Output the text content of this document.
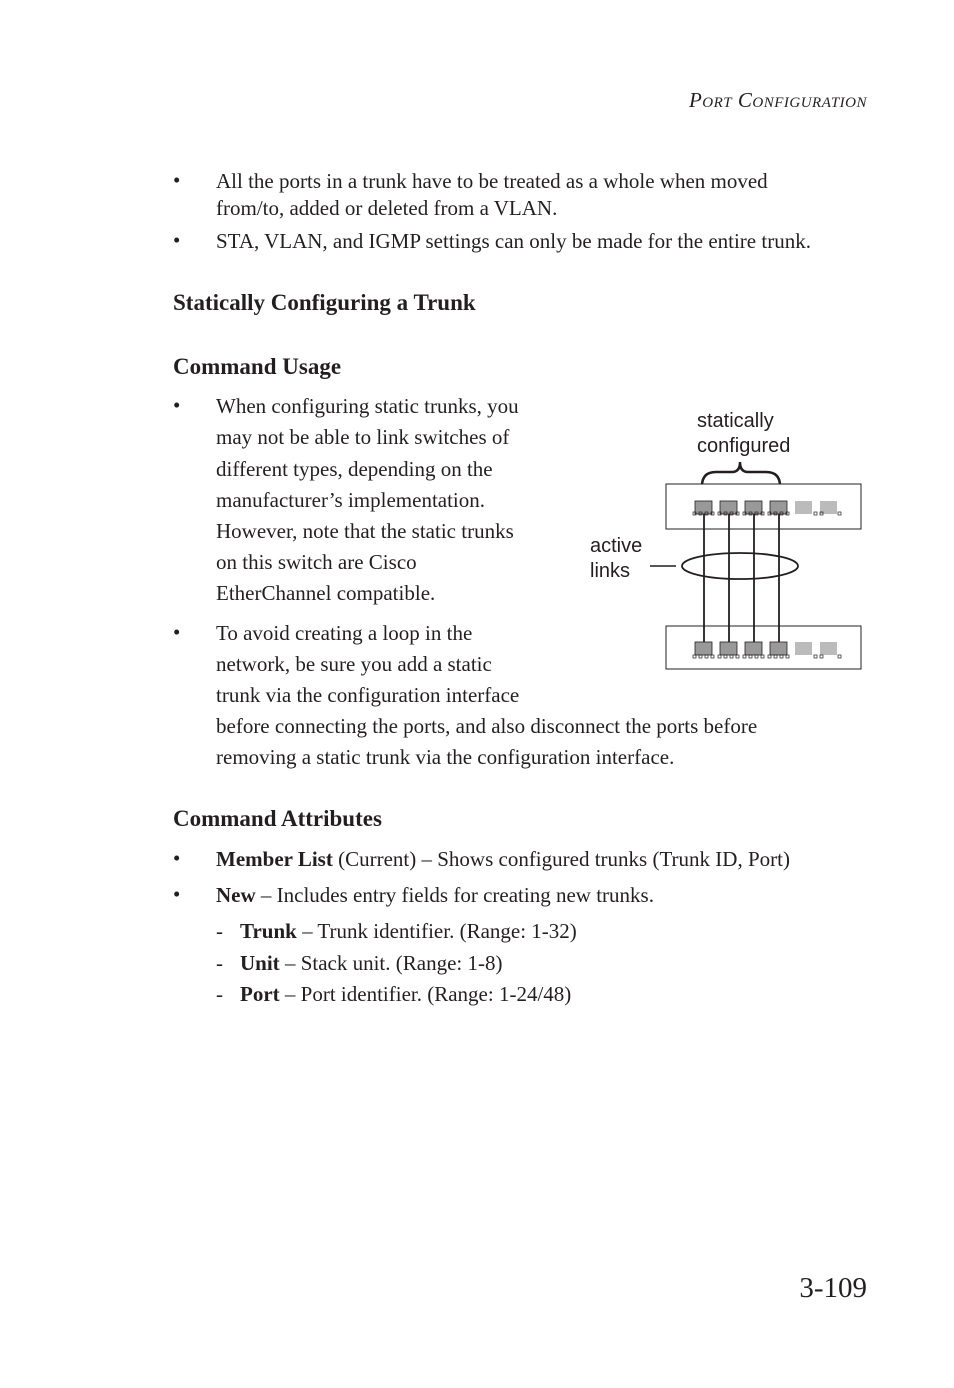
PORT CONFIGURATION
• All the ports in a trunk have to be treated as a whole when moved
from/to, added or deleted from a VLAN.
• STA, VLAN, and IGMP settings can only be made for the entire trunk.
Statically Configuring a Trunk
Command Usage
• When configuring static trunks, you
may not be able to link switches of
different types, depending on the
manufacturer’s implementation.
However, note that the static trunks
on this switch are Cisco
EtherChannel compatible.
• To avoid creating a loop in the
network, be sure you add a static
trunk via the configuration interface
before connecting the ports, and also disconnect the ports before
removing a static trunk via the configuration interface.
statically
configured
active
links
Command Attributes
• Member List (Current) – Shows configured trunks (Trunk ID, Port)
• New – Includes entry fields for creating new trunks.
- Trunk – Trunk identifier. (Range: 1-32)
- Unit – Stack unit. (Range: 1-8)
- Port – Port identifier. (Range: 1-24/48)
3-109
